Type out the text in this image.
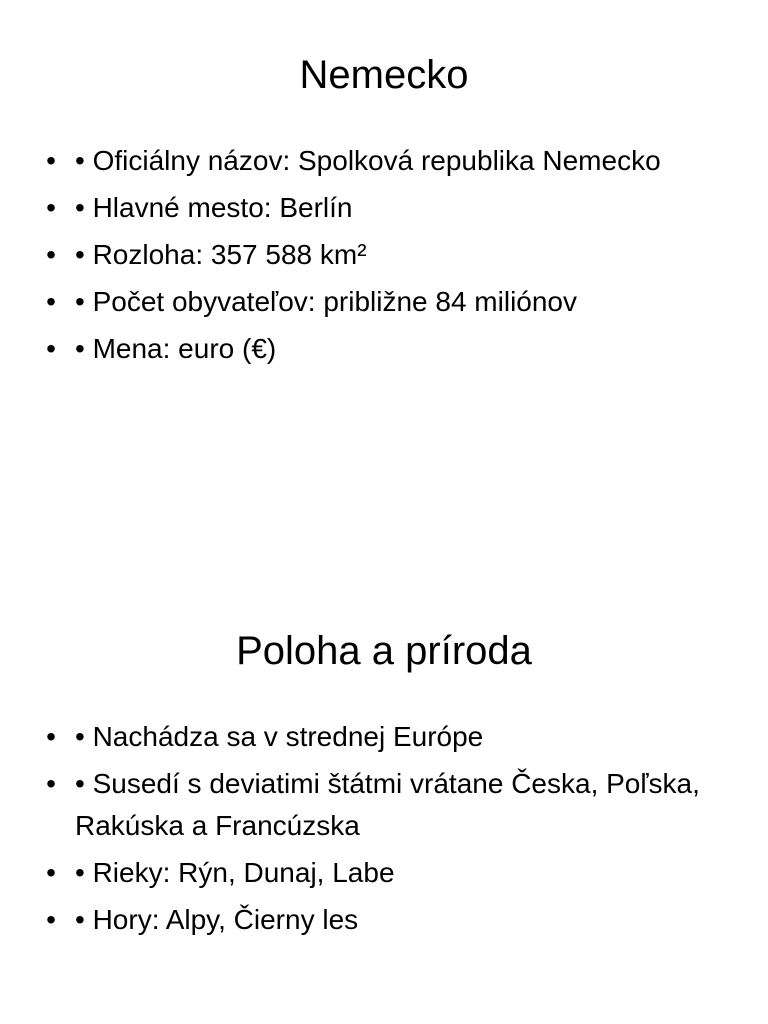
Nemecko
• • Oficiálny názov: Spolková republika Nemecko
• • Hlavné mesto: Berlín
• • Rozloha: 357 588 km²
• • Počet obyvateľov: približne 84 miliónov
• • Mena: euro (€)
Poloha a príroda
• • Nachádza sa v strednej Európe
• • Susedí s deviatimi štátmi vrátane Česka, Poľska, Rakúska a Francúzska
• • Rieky: Rýn, Dunaj, Labe
• • Hory: Alpy, Čierny les
